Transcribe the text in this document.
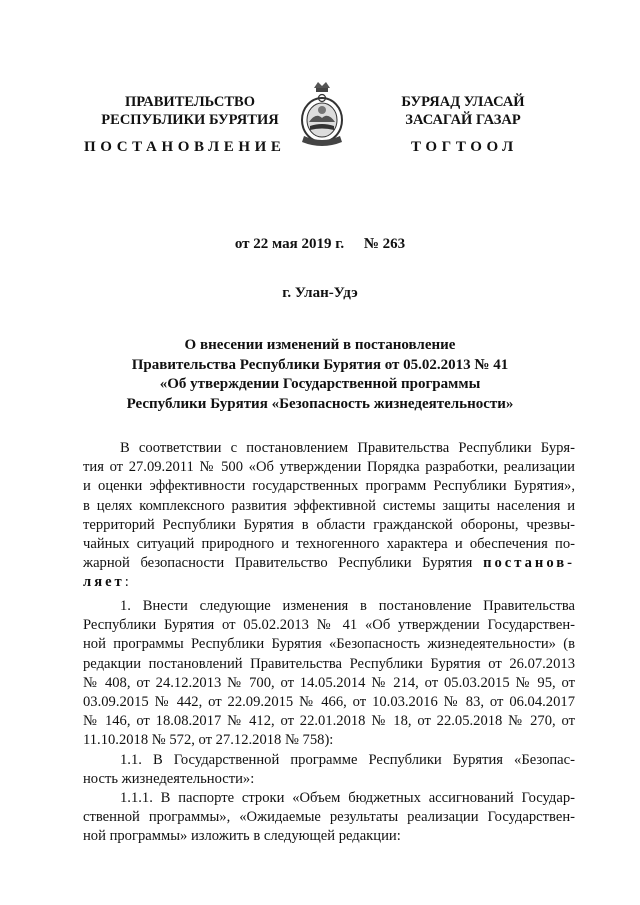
ПРАВИТЕЛЬСТВО
РЕСПУБЛИКИ БУРЯТИЯ
БУРЯАД УЛАСАЙ
ЗАСАГАЙ ГАЗАР
ПОСТАНОВЛЕНИЕ	ТОГТООЛ
от 22 мая 2019 г. № 263
г. Улан-Удэ
О внесении изменений в постановление
Правительства Республики Бурятия от 05.02.2013 № 41
«Об утверждении Государственной программы
Республики Бурятия «Безопасность жизнедеятельности»
В соответствии с постановлением Правительства Республики Буря-
тия от 27.09.2011 № 500 «Об утверждении Порядка разработки, реализации
и оценки эффективности государственных программ Республики Бурятия»,
в целях комплексного развития эффективной системы защиты населения и
территорий Республики Бурятия в области гражданской обороны, чрезвы-
чайных ситуаций природного и техногенного характера и обеспечения по-
жарной безопасности Правительство Республики Бурятия постанов-
ляет:
1. Внести следующие изменения в постановление Правительства
Республики Бурятия от 05.02.2013 № 41 «Об утверждении Государствен-
ной программы Республики Бурятия «Безопасность жизнедеятельности» (в
редакции постановлений Правительства Республики Бурятия от 26.07.2013
№ 408, от 24.12.2013 № 700, от 14.05.2014 № 214, от 05.03.2015 № 95, от
03.09.2015 № 442, от 22.09.2015 № 466, от 10.03.2016 № 83, от 06.04.2017
№ 146, от 18.08.2017 № 412, от 22.01.2018 № 18, от 22.05.2018 № 270, от
11.10.2018 № 572, от 27.12.2018 № 758):
1.1. В Государственной программе Республики Бурятия «Безопас-
ность жизнедеятельности»:
1.1.1. В паспорте строки «Объем бюджетных ассигнований Государ-
ственной программы», «Ожидаемые результаты реализации Государствен-
ной программы» изложить в следующей редакции:
